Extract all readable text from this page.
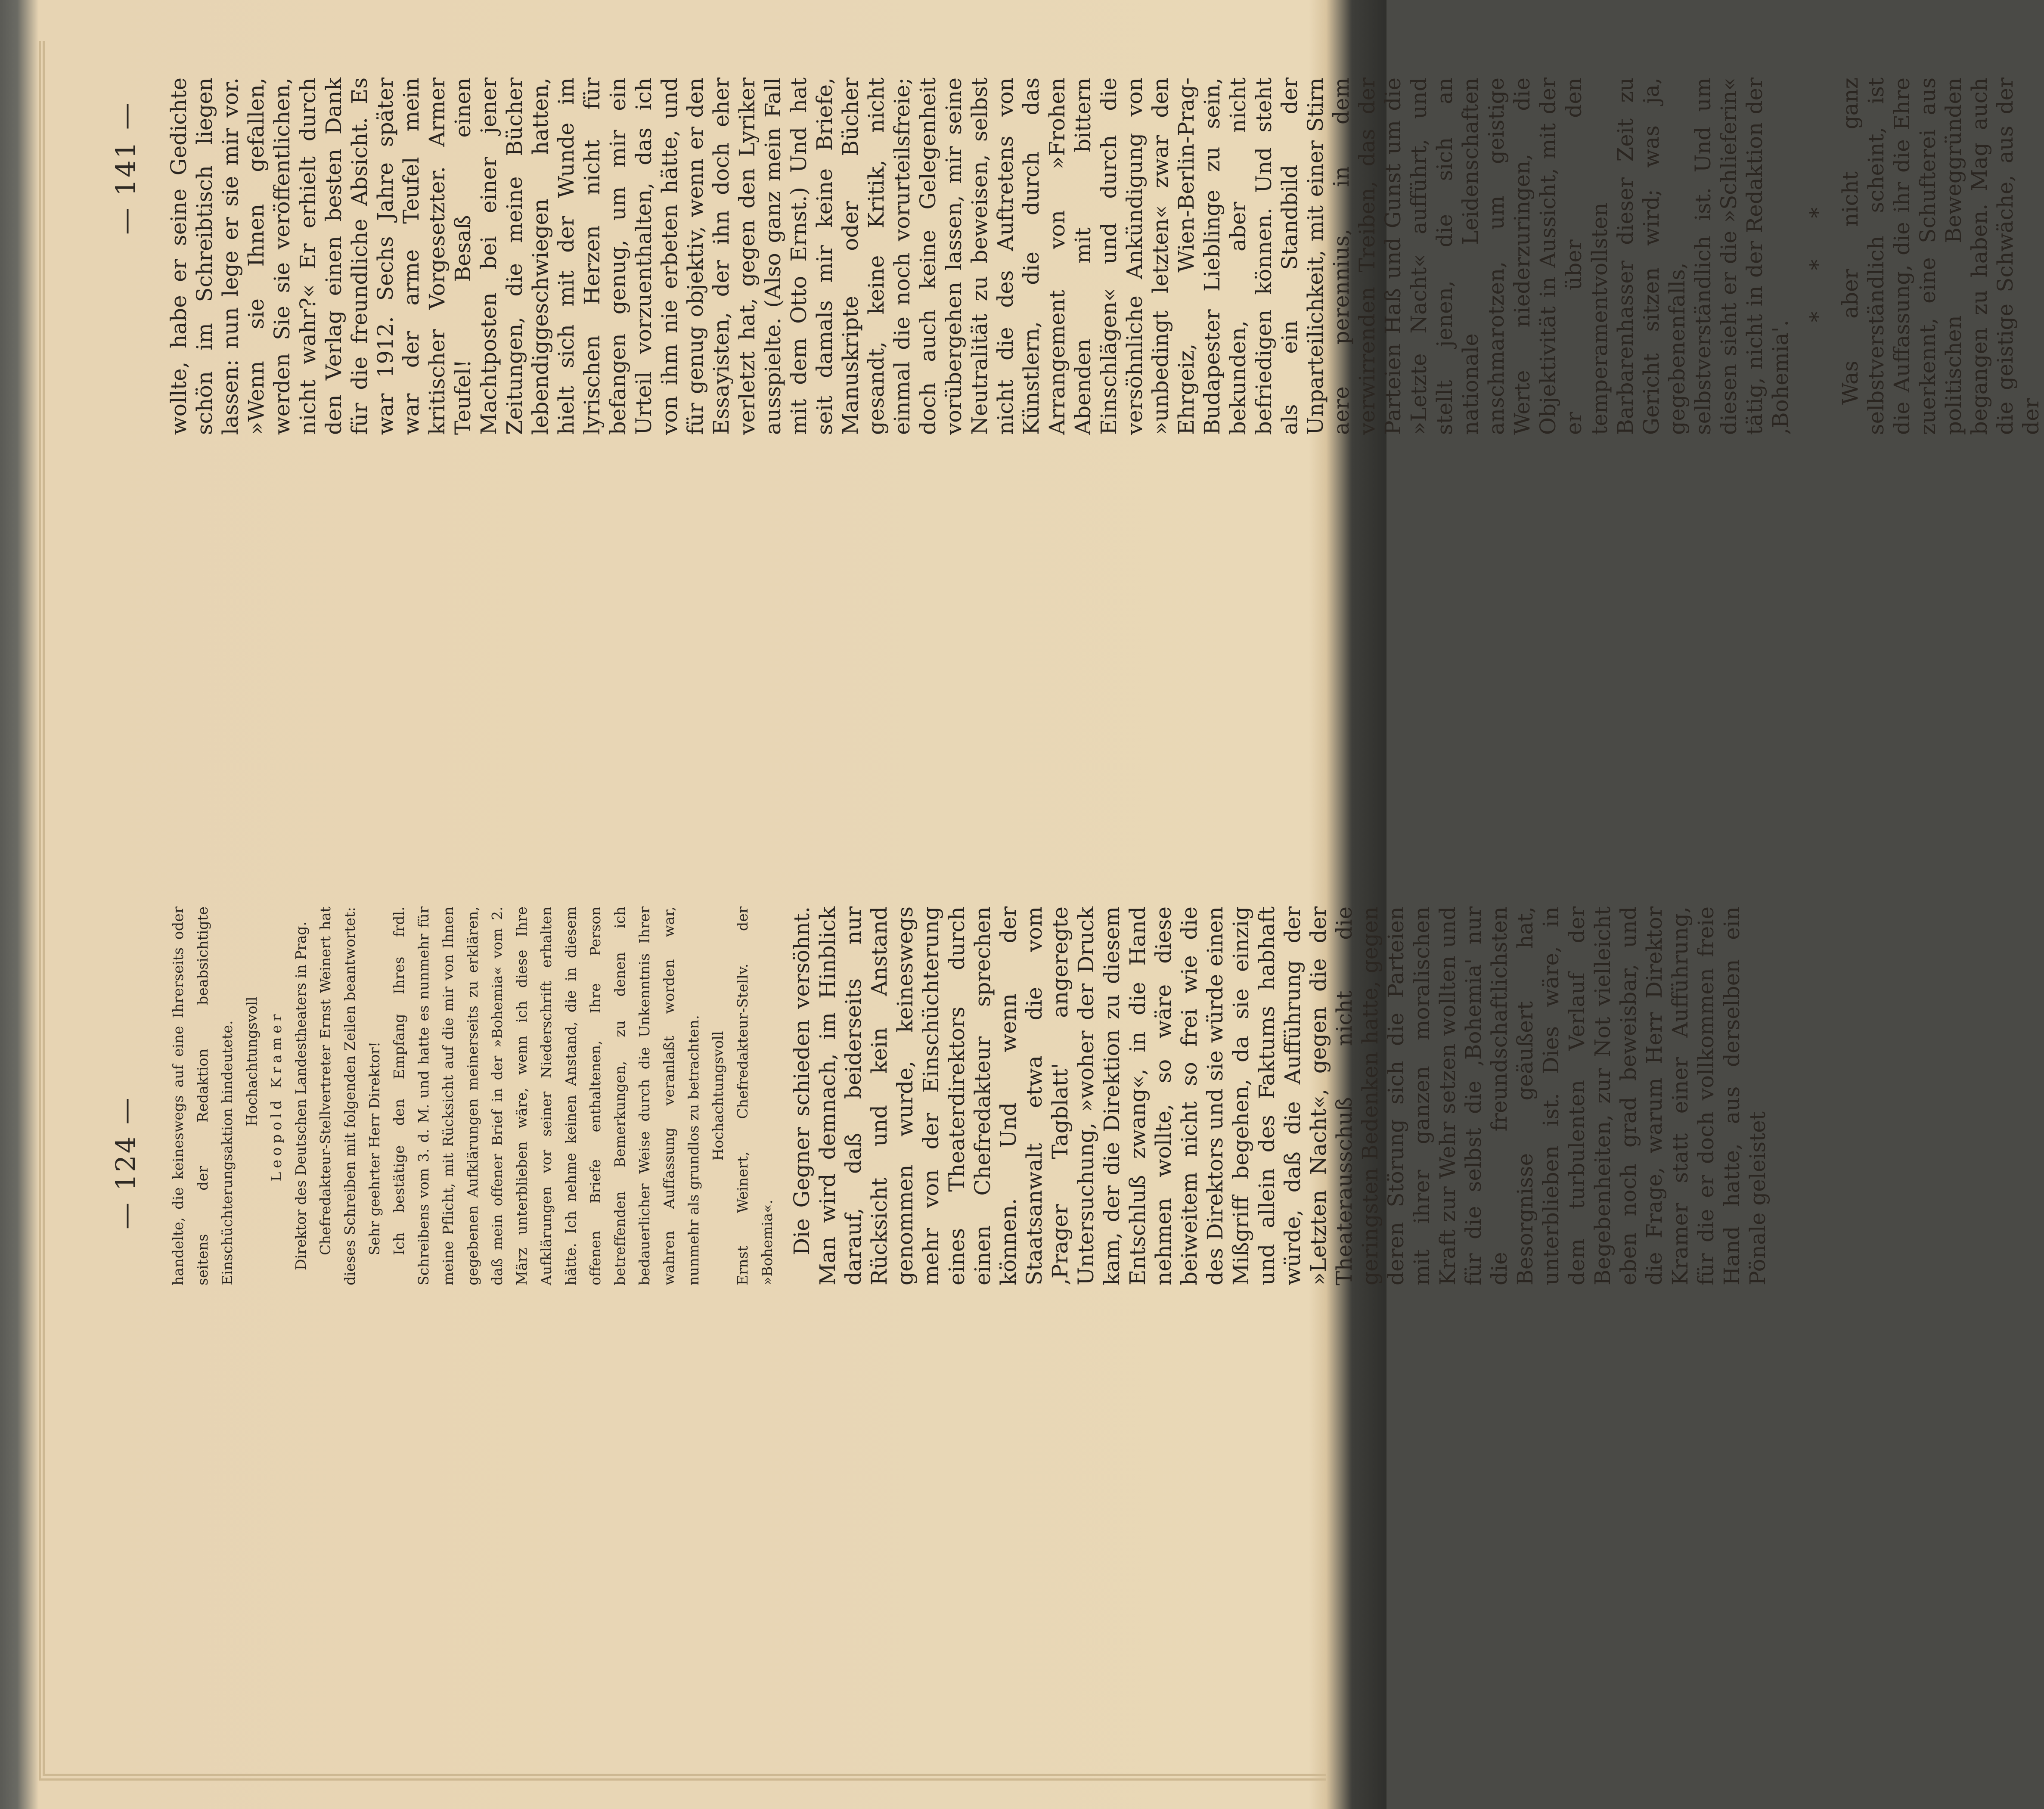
— 124 — handelte, die keineswegs auf eine Ihrerseits oder seitens der Redaktion beabsichtigte Einschüchterungsaktion hindeutete. Hochachtungsvoll Leopold Kramer Direktor des Deutschen Landestheaters in Prag. Chefredakteur-Stellvertreter Ernst Weinert hat dieses Schreiben mit folgenden Zeilen beantwortet: Sehr geehrter Herr Direktor! Ich bestätige den Empfang Ihres frdl. Schreibens vom 3. d. M. und hatte es nunmehr für meine Pflicht, mit Rücksicht auf die mir von Ihnen gegebenen Aufklärungen meinerseits zu erklären, daß mein offener Brief in der »Bohemia« vom 2. März unterblieben wäre, wenn ich diese Ihre Aufklärungen vor seiner Niederschrift erhalten hätte. Ich nehme keinen Anstand, die in diesem offenen Briefe enthaltenen, Ihre Person betreffenden Bemerkungen, zu denen ich bedauerlicher Weise durch die Unkenntnis Ihrer wahren Auffassung veranlaßt worden war, nunmehr als grundlos zu betrachten. Hochachtungsvoll Ernst Weinert, Chefredakteur-Stellv. der »Bohemia«. Die Gegner schieden versöhnt. Man wird demnach, im Hinblick darauf, daß beiderseits nur Rücksicht und kein Anstand genommen wurde, keineswegs mehr von der Einschüchterung eines Theaterdirektors durch einen Chefredakteur sprechen können. Und wenn der Staatsanwalt etwa die vom ‚Prager Tagblatt' angeregte Untersuchung, »woher der Druck kam, der die Direktion zu diesem Entschluß zwang«, in die Hand nehmen wollte, so wäre diese beiweitem nicht so frei wie die des Direktors und sie würde einen Mißgriff begehen, da sie einzig und allein des Faktums habhaft würde, daß die Aufführung der »Letzten Nacht«, gegen die der Theaterausschuß nicht die geringsten Bedenken hatte, gegen deren Störung sich die Parteien mit ihrer ganzen moralischen Kraft zur Wehr setzen wollten und für die selbst die ‚Bohemia' nur die freundschaftlichsten Besorgnisse geäußert hat, unterblieben ist. Dies wäre, in dem turbulenten Verlauf der Begebenheiten, zur Not vielleicht eben noch grad beweisbar, und die Frage, warum Herr Direktor Kramer statt einer Aufführung, für die er doch vollkommen freie Hand hatte, aus derselben ein Pönale geleistet

— 141 — wollte, habe er seine Gedichte schön im Schreibtisch liegen lassen: nun lege er sie mir vor. »Wenn sie Ihnen gefallen, werden Sie sie veröffentlichen, nicht wahr?« Er erhielt durch den Verlag einen besten Dank für die freundliche Absicht. Es war 1912. Sechs Jahre später war der arme Teufel mein kritischer Vorgesetzter. Armer Teufel! Besaß einen Machtposten bei einer jener Zeitungen, die meine Bücher lebendiggeschwiegen hatten, hielt sich mit der Wunde im lyrischen Herzen nicht für befangen genug, um mir ein Urteil vorzuenthalten, das ich von ihm nie erbeten hätte, und für genug objektiv, wenn er den Essayisten, der ihn doch eher verletzt hat, gegen den Lyriker ausspielte. (Also ganz mein Fall mit dem Otto Ernst.) Und hat seit damals mir keine Briefe, Manuskripte oder Bücher gesandt, keine Kritik, nicht einmal die noch vorurteilsfreie; doch auch keine Gelegenheit vorübergehen lassen, mir seine Neutralität zu beweisen, selbst nicht die des Auftretens von Künstlern, die durch das Arrangement von »Frohen Abenden mit bittern Einschlägen« und durch die versöhnliche Ankündigung von »unbedingt letzten« zwar den Ehrgeiz, Wien-Berlin-Prag-Budapester Lieblinge zu sein, bekunden, aber nicht befriedigen können. Und steht als ein Standbild der Unparteilichkeit, mit einer Stirn aere perennius, in dem verwirrenden Treiben, das der Parteien Haß und Gunst um die »Letzte Nacht« aufführt, und stellt jenen, die sich an nationale Leidenschaften anschmarotzen, um geistige Werte niederzuringen, die Objektivität in Aussicht, mit der er über den temperamentvollsten Barbarenhasser dieser Zeit zu Gericht sitzen wird; was ja, gegebenenfalls, selbstverständlich ist. Und um diesen sieht er die »Schlieferin« tätig, nicht in der Redaktion der ‚Bohemia'.

* * * Was aber nicht ganz selbstverständlich scheint, ist die Auffassung, die ihr die Ehre zuerkennt, eine Schufterei aus politischen Beweggründen begangen zu haben. Mag auch die geistige Schwäche, aus der der
